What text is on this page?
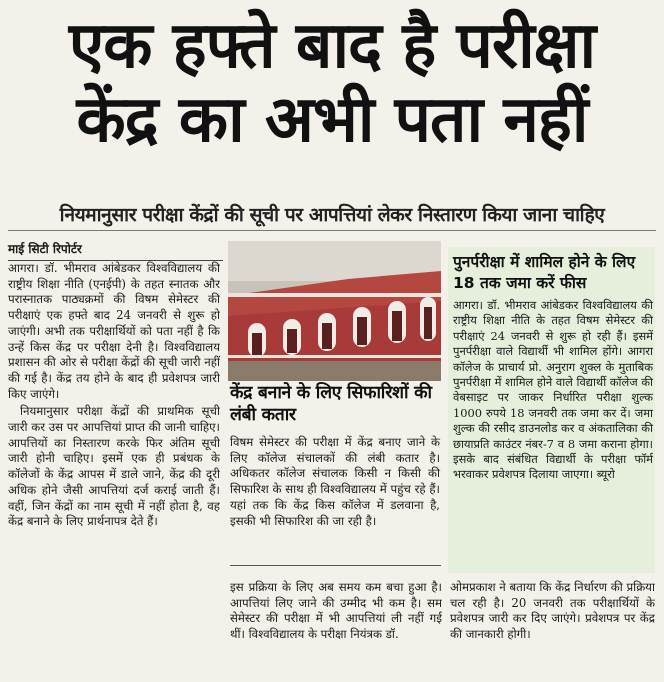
एक हफ्ते बाद है परीक्षा
केंद्र का अभी पता नहीं
नियमानुसार परीक्षा केंद्रों की सूची पर आपत्तियां लेकर निस्तारण किया जाना चाहिए
माई सिटी रिपोर्टर

आगरा। डॉ. भीमराव आंबेडकर विश्वविद्यालय की राष्ट्रीय शिक्षा नीति (एनईपी) के तहत स्नातक और परास्नातक पाठ्यक्रमों की विषम सेमेस्टर की परीक्षाएं एक हफ्ते बाद 24 जनवरी से शुरू हो जाएंगी। अभी तक परीक्षार्थियों को पता नहीं है कि उन्हें किस केंद्र पर परीक्षा देनी है। विश्वविद्यालय प्रशासन की ओर से परीक्षा केंद्रों की सूची जारी नहीं की गई है। केंद्र तय होने के बाद ही प्रवेशपत्र जारी किए जाएंगे।

नियमानुसार परीक्षा केंद्रों की प्राथमिक सूची जारी कर उस पर आपत्तियां प्राप्त की जानी चाहिए। आपत्तियों का निस्तारण करके फिर अंतिम सूची जारी होनी चाहिए। इसमें एक ही प्रबंधक के कॉलेजों के केंद्र आपस में डाले जाने, केंद्र की दूरी अधिक होने जैसी आपत्तियां दर्ज कराई जाती हैं। वहीं, जिन केंद्रों का नाम सूची में नहीं होता है, वह केंद्र बनाने के लिए प्रार्थनापत्र देते हैं।

केंद्र बनाने के लिए सिफारिशों की लंबी कतार
विषम सेमेस्टर की परीक्षा में केंद्र बनाए जाने के लिए कॉलेज संचालकों की लंबी कतार है। अधिकतर कॉलेज संचालक किसी न किसी की सिफारिश के साथ ही विश्वविद्यालय में पहुंच रहे हैं। यहां तक कि केंद्र किस कॉलेज में डलवाना है, इसकी भी सिफारिश की जा रही है।
पुनर्परीक्षा में शामिल होने के लिए 18 तक जमा करें फीस
आगरा। डॉ. भीमराव आंबेडकर विश्वविद्यालय की राष्ट्रीय शिक्षा नीति के तहत विषम सेमेस्टर की परीक्षाएं 24 जनवरी से शुरू हो रही हैं। इसमें पुनर्परीक्षा वाले विद्यार्थी भी शामिल होंगे। आगरा कॉलेज के प्राचार्य प्रो. अनुराग शुक्ल के मुताबिक पुनर्परीक्षा में शामिल होने वाले विद्यार्थी कॉलेज की वेबसाइट पर जाकर निर्धारित परीक्षा शुल्क 1000 रुपये 18 जनवरी तक जमा कर दें। जमा शुल्क की रसीद डाउनलोड कर व अंकतालिका की छायाप्रति काउंटर नंबर-7 व 8 जमा कराना होगा। इसके बाद संबंधित विद्यार्थी के परीक्षा फॉर्म भरवाकर प्रवेशपत्र दिलाया जाएगा। ब्यूरो
इस प्रक्रिया के लिए अब समय कम बचा हुआ है। आपत्तियां लिए जाने की उम्मीद भी कम है। सम सेमेस्टर की परीक्षा में भी आपत्तियां ली नहीं गई थीं। विश्वविद्यालय के परीक्षा नियंत्रक डॉ.
ओमप्रकाश ने बताया कि केंद्र निर्धारण की प्रक्रिया चल रही है। 20 जनवरी तक परीक्षार्थियों के प्रवेशपत्र जारी कर दिए जाएंगे। प्रवेशपत्र पर केंद्र की जानकारी होगी।
